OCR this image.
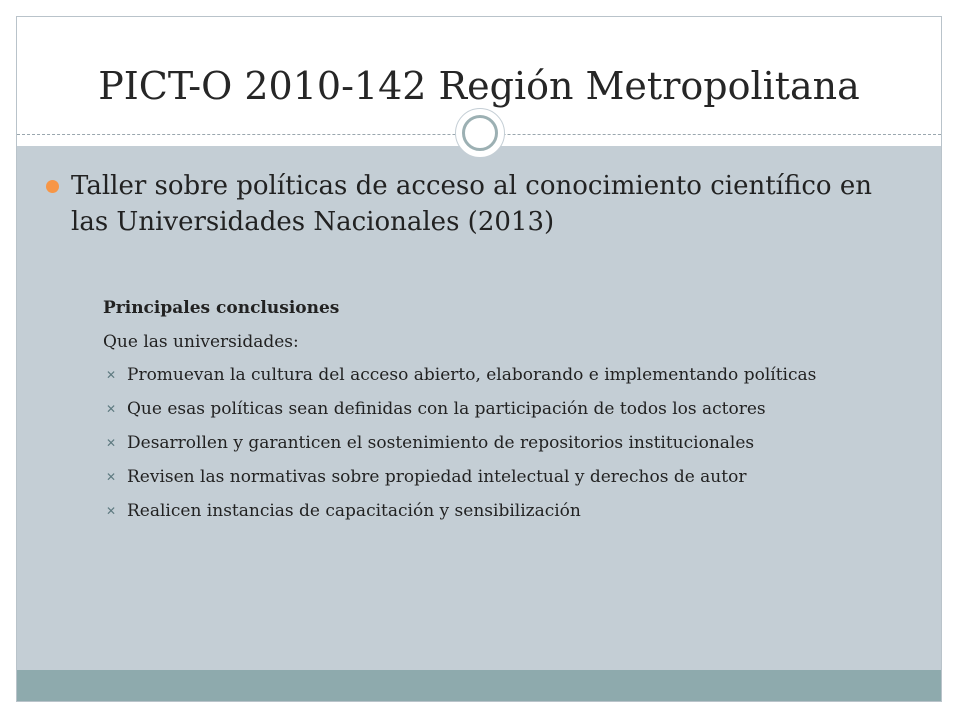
PICT-O 2010-142 Región Metropolitana
Taller sobre políticas de acceso al conocimiento científico en las Universidades Nacionales (2013)
Principales conclusiones
Que las universidades:
✕ Promuevan la cultura del acceso abierto, elaborando e implementando políticas
✕ Que esas políticas sean definidas con la participación de todos los actores
✕ Desarrollen y garanticen el sostenimiento de repositorios institucionales
✕ Revisen las normativas sobre propiedad intelectual y derechos de autor
✕ Realicen instancias de capacitación y sensibilización
